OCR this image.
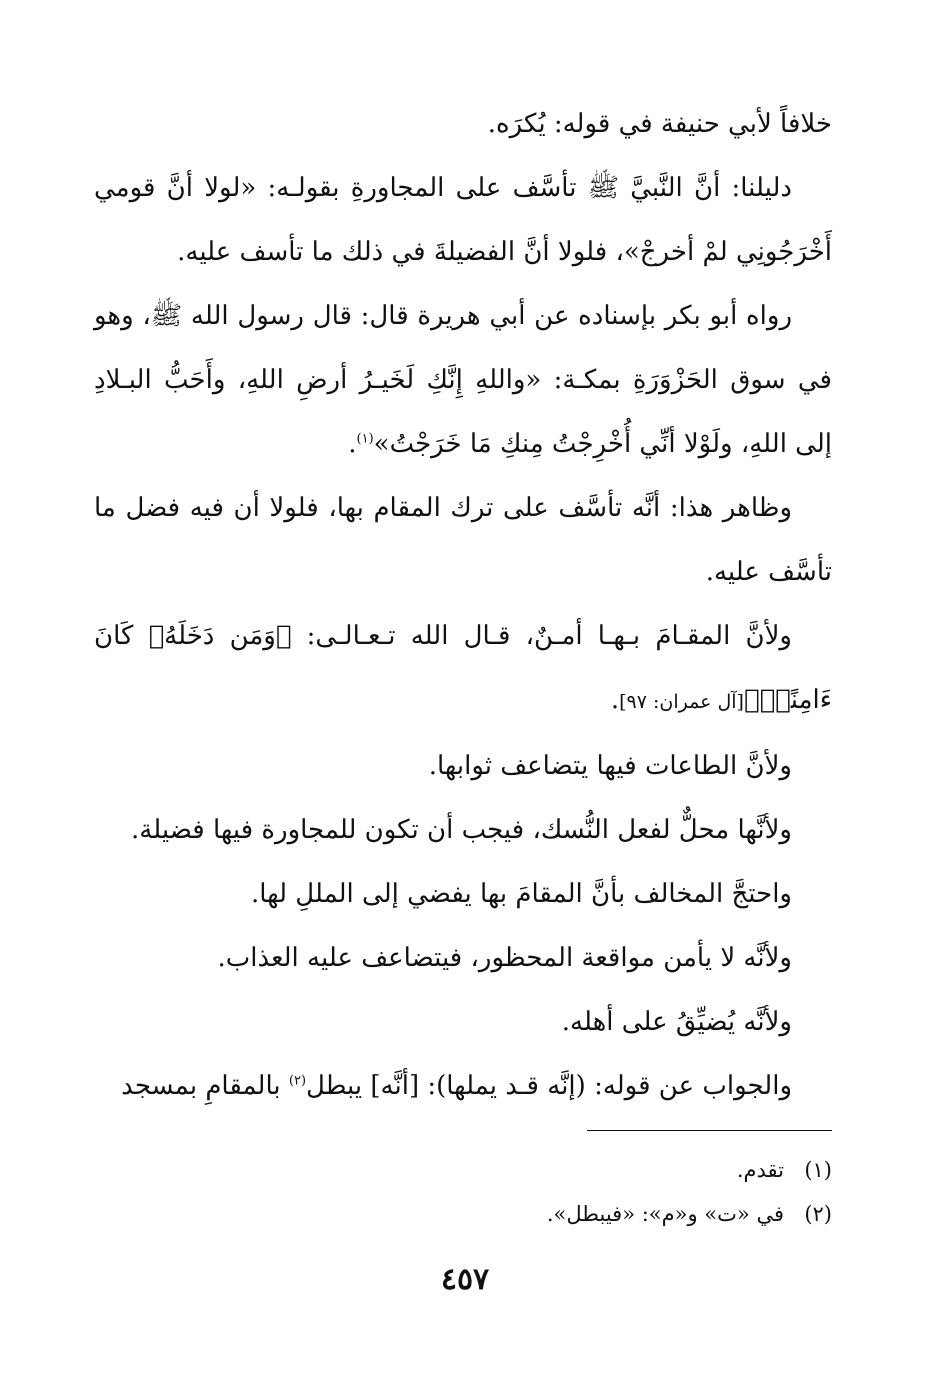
خلافاً لأبي حنيفة في قوله: يُكرَه.

دليلنا: أنَّ النَّبيَّ ﷺ تأسَّف على المجاورةِ بقولـه: «لولا أنَّ قومي أَخْرَجُونِي لمْ أخرجْ»، فلولا أنَّ الفضيلةَ في ذلك ما تأسف عليه.

رواه أبو بكر بإسناده عن أبي هريرة قال: قال رسول الله ﷺ، وهو في سوق الحَزْوَرَةِ بمكـة: «واللهِ إِنَّكِ لَخَيـرُ أرضِ اللهِ، وأَحَبُّ البـلادِ إلى اللهِ، ولَوْلا أنِّي أُخْرِجْتُ مِنكِ مَا خَرَجْتُ»$^{(١)}$.

وظاهر هذا: أنَّه تأسَّف على ترك المقام بها، فلولا أن فيه فضل ما تأسَّف عليه.

ولأنَّ المقـامَ بـهـا أمـنٌ، قـال الله تـعـالـى: ﴿وَمَن دَخَلَهُۥ كَانَ ءَامِنًاۗ﴾[آل عمران: ٩٧].

ولأنَّ الطاعات فيها يتضاعف ثوابها.

ولأنَّها محلٌّ لفعل النُّسك، فيجب أن تكون للمجاورة فيها فضيلة.

واحتجَّ المخالف بأنَّ المقامَ بها يفضي إلى المللِ لها.

ولأنَّه لا يأمن مواقعة المحظور، فيتضاعف عليه العذاب.

ولأنَّه يُضيِّقُ على أهله.

والجواب عن قوله: (إنَّه قـد يملها): [أنَّه] يبطل$^{(٢)}$ بالمقامِ بمسجد

(١)تقدم.

(٢)في «ت» و«م»: «فيبطل».

٤٥٧
